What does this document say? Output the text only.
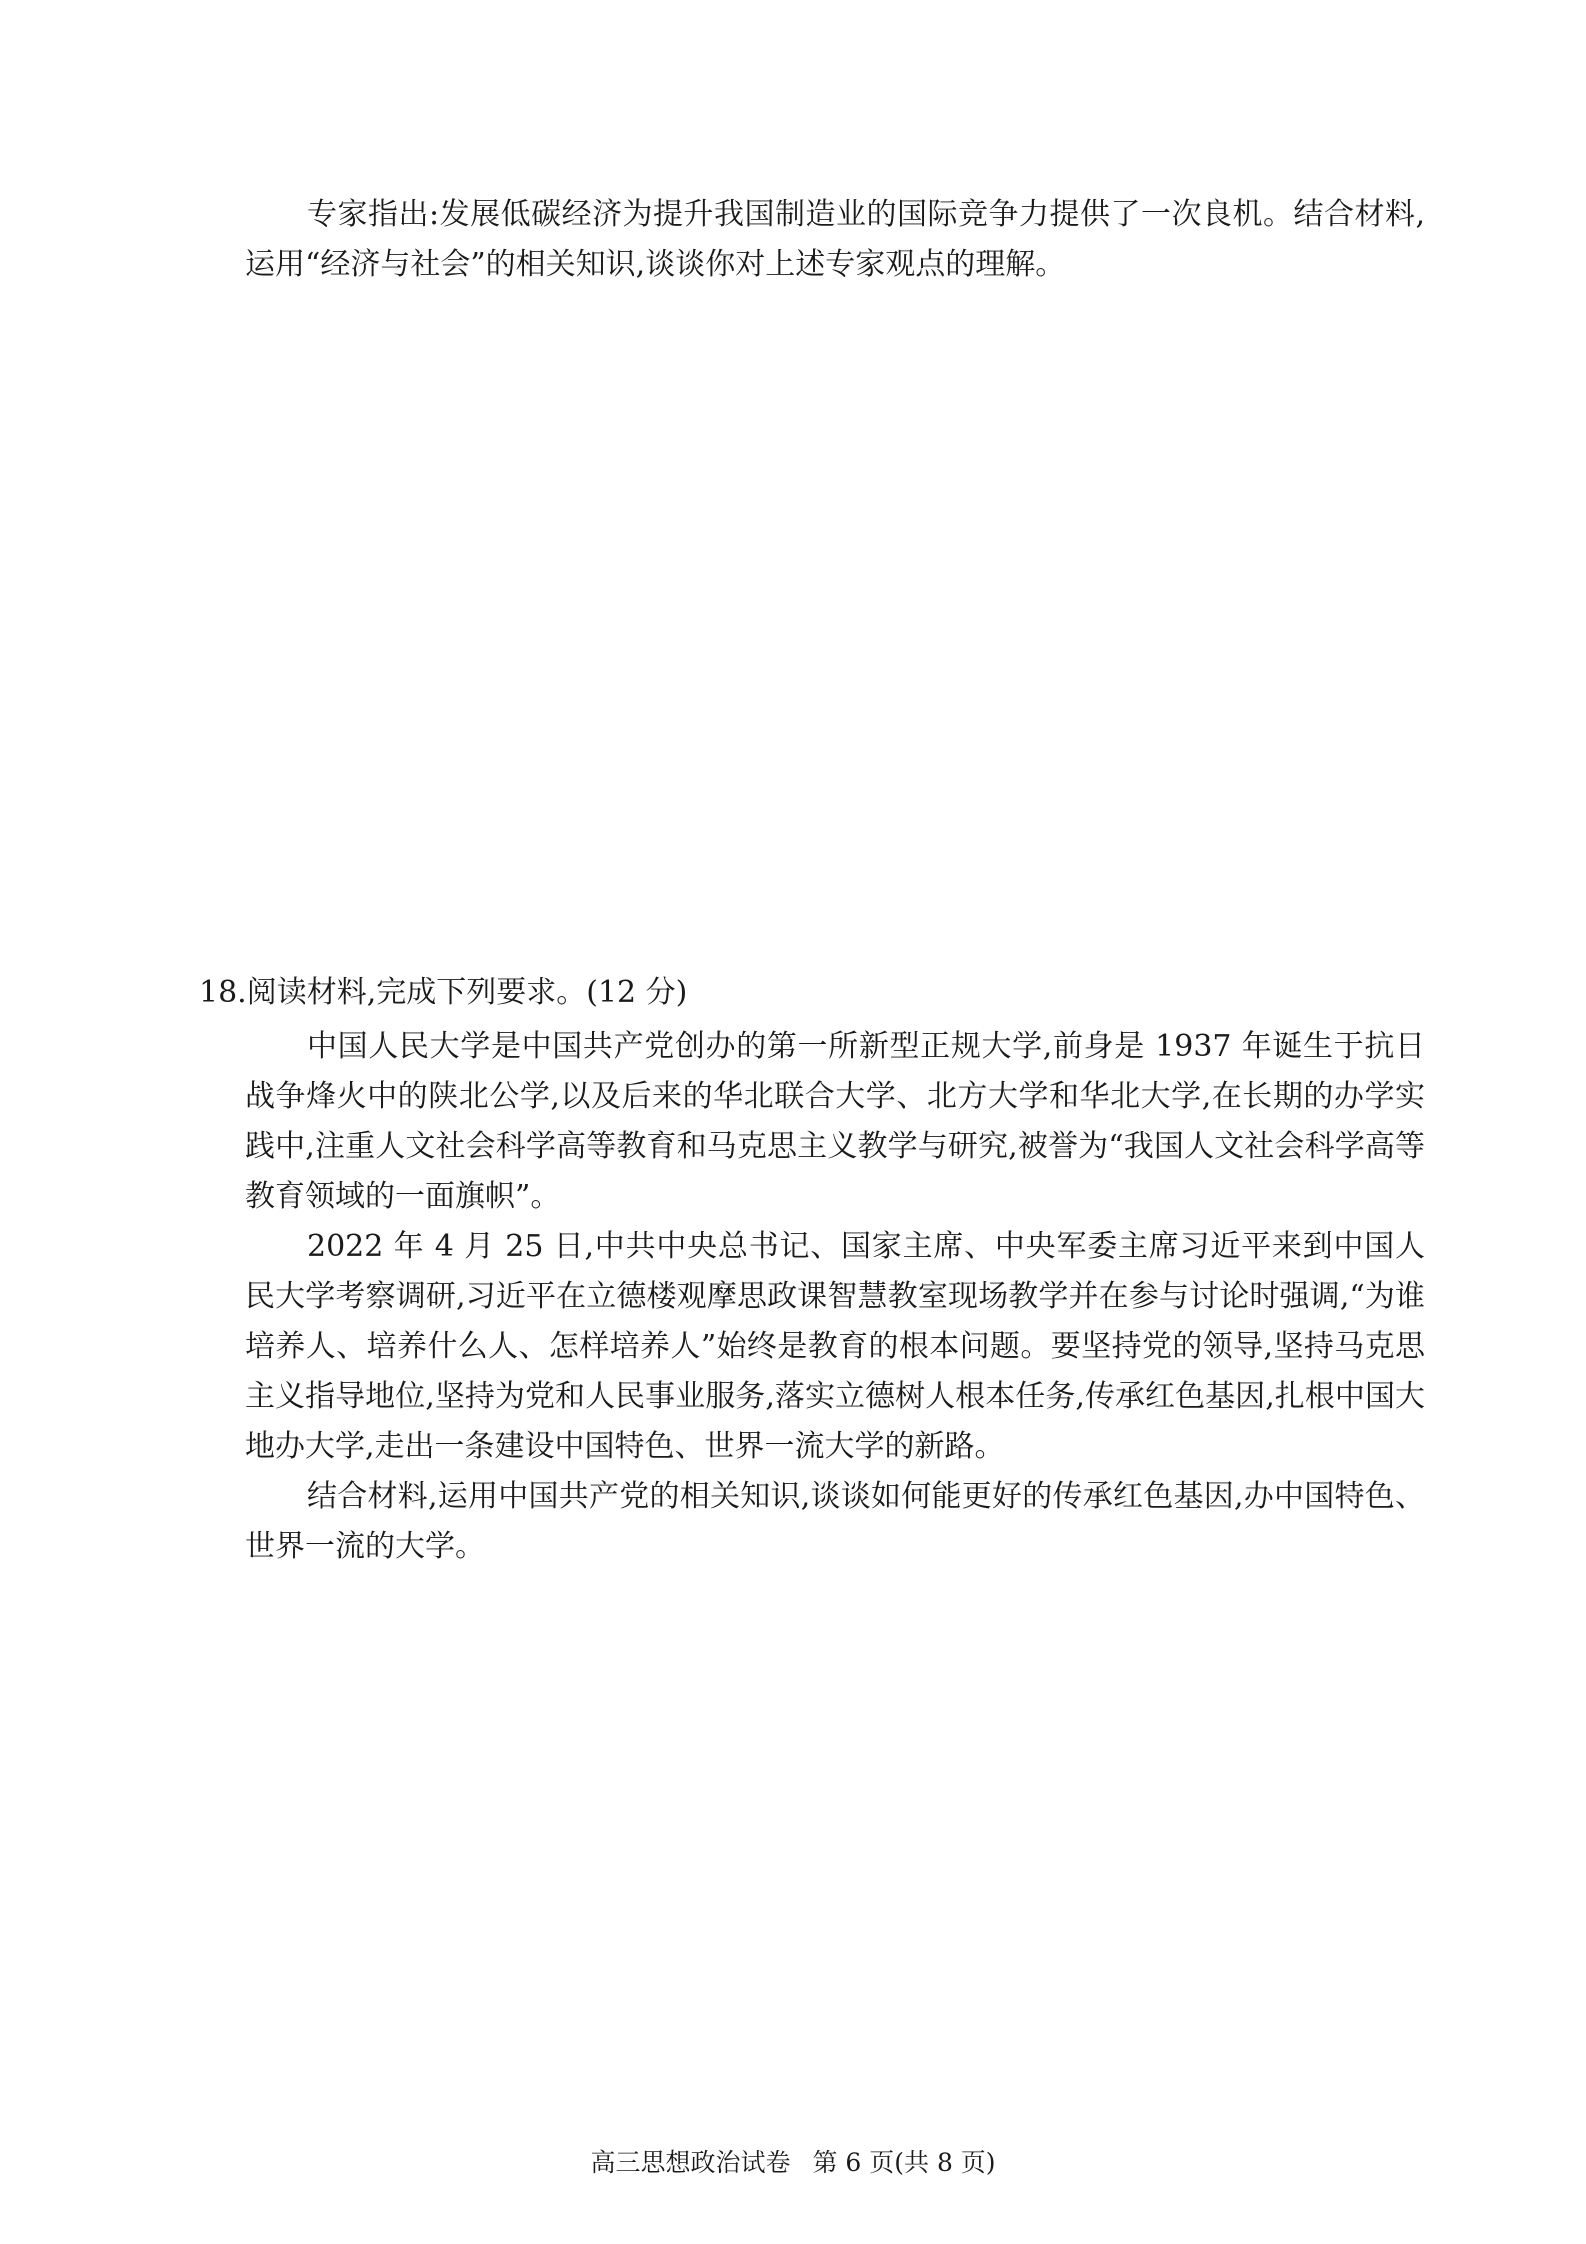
专家指出:发展低碳经济为提升我国制造业的国际竞争力提供了一次良机。结合材料,运用“经济与社会”的相关知识,谈谈你对上述专家观点的理解。

18.阅读材料,完成下列要求。(12 分)

中国人民大学是中国共产党创办的第一所新型正规大学,前身是 1937 年诞生于抗日战争烽火中的陕北公学,以及后来的华北联合大学、北方大学和华北大学,在长期的办学实践中,注重人文社会科学高等教育和马克思主义教学与研究,被誉为“我国人文社会科学高等教育领域的一面旗帜”。

2022 年 4 月 25 日,中共中央总书记、国家主席、中央军委主席习近平来到中国人民大学考察调研,习近平在立德楼观摩思政课智慧教室现场教学并在参与讨论时强调,“为谁培养人、培养什么人、怎样培养人”始终是教育的根本问题。要坚持党的领导,坚持马克思主义指导地位,坚持为党和人民事业服务,落实立德树人根本任务,传承红色基因,扎根中国大地办大学,走出一条建设中国特色、世界一流大学的新路。

结合材料,运用中国共产党的相关知识,谈谈如何能更好的传承红色基因,办中国特色、世界一流的大学。

高三思想政治试卷 第 6 页(共 8 页)
